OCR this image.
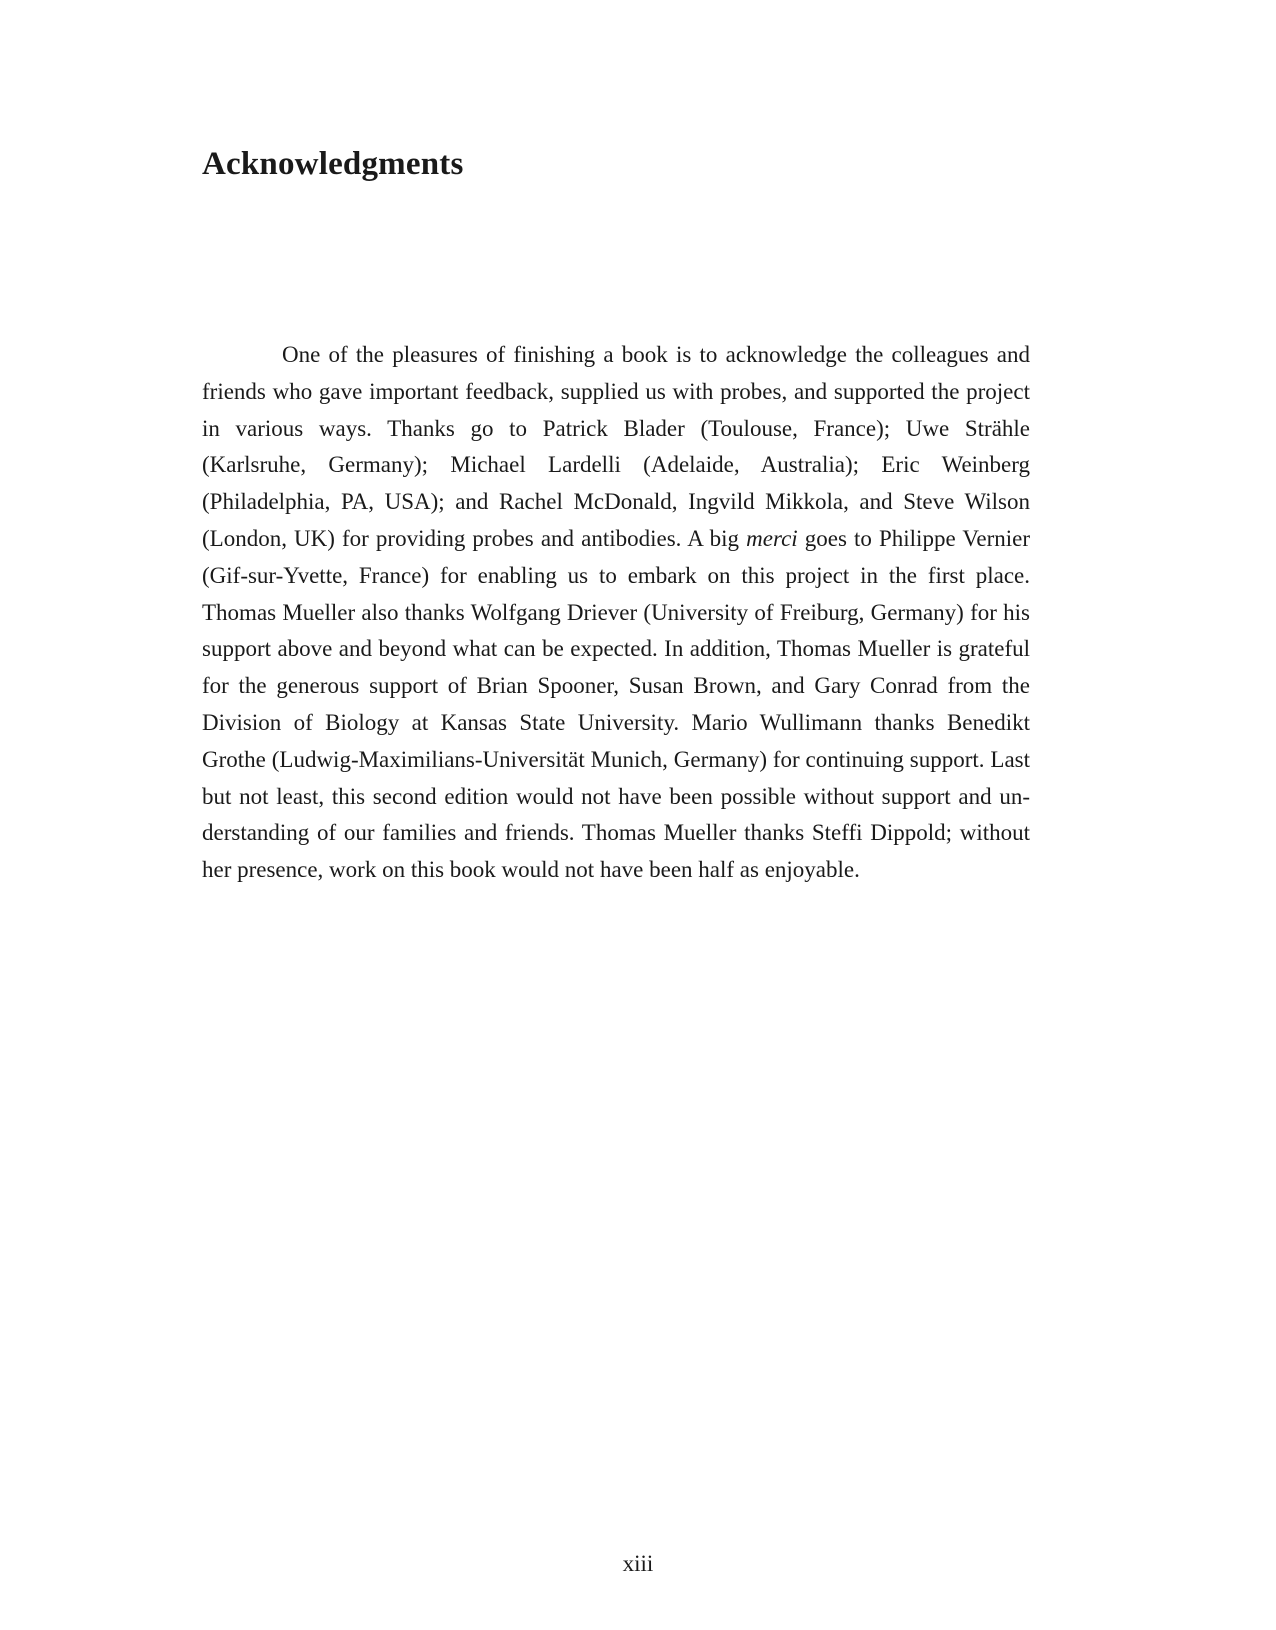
Acknowledgments

One of the pleasures of finishing a book is to acknowledge the colleagues and friends who gave important feedback, supplied us with probes, and supported the project in various ways. Thanks go to Patrick Blader (Toulouse, France); Uwe Strähle (Karlsruhe, Germany); Michael Lardelli (Adelaide, Australia); Eric Weinberg (Philadelphia, PA, USA); and Rachel McDonald, Ingvild Mikkola, and Steve Wilson (London, UK) for providing probes and antibodies. A big merci goes to Philippe Vernier (Gif-sur-Yvette, France) for enabling us to embark on this project in the first place. Thomas Mueller also thanks Wolfgang Driever (University of Freiburg, Germany) for his support above and beyond what can be expected. In addition, Thomas Mueller is grateful for the generous support of Brian Spooner, Susan Brown, and Gary Conrad from the Division of Biology at Kansas State University. Mario Wullimann thanks Benedikt Grothe (Ludwig-Maximilians-Universität Munich, Germany) for continuing support. Last but not least, this second edition would not have been possible without support and understanding of our families and friends. Thomas Mueller thanks Steffi Dippold; without her presence, work on this book would not have been half as enjoyable.

xiii
